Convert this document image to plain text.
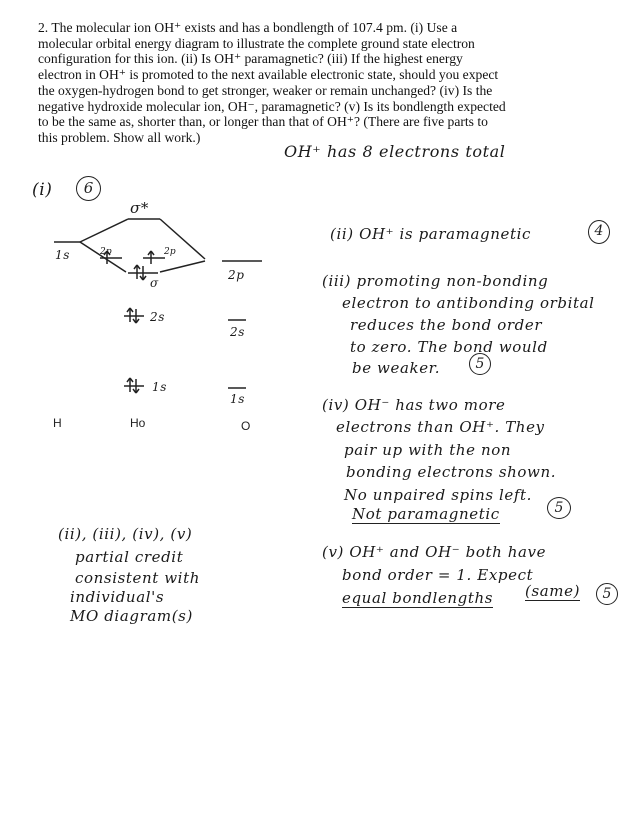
2. The molecular ion OH⁺ exists and has a bondlength of 107.4 pm. (i) Use a
molecular orbital energy diagram to illustrate the complete ground state electron
configuration for this ion. (ii) Is OH⁺ paramagnetic? (iii) If the highest energy
electron in OH⁺ is promoted to the next available electronic state, should you expect
the oxygen-hydrogen bond to get stronger, weaker or remain unchanged? (iv) Is the
negative hydroxide molecular ion, OH⁻, paramagnetic? (v) Is its bondlength expected
to be the same as, shorter than, or longer than that of OH⁺? (There are five parts to
this problem. Show all work.)
OH⁺ has 8 electrons total
(i)	6
σ*
1s	2p	2p
σ
2p
2s
2s
1s
1s
H	Ho	O
(ii) OH⁺ is paramagnetic	4
(iii) promoting non-bonding
electron to antibonding orbital
reduces the bond order
to zero. The bond would
be weaker.	5
(iv) OH⁻ has two more
electrons than OH⁺. They
pair up with the non
bonding electrons shown.
No unpaired spins left.
Not paramagnetic	5
(ii), (iii), (iv), (v)
partial credit
consistent with
individual's
MO diagram(s)
(v) OH⁺ and OH⁻ both have
bond order = 1. Expect
equal bondlengths (same)	5
